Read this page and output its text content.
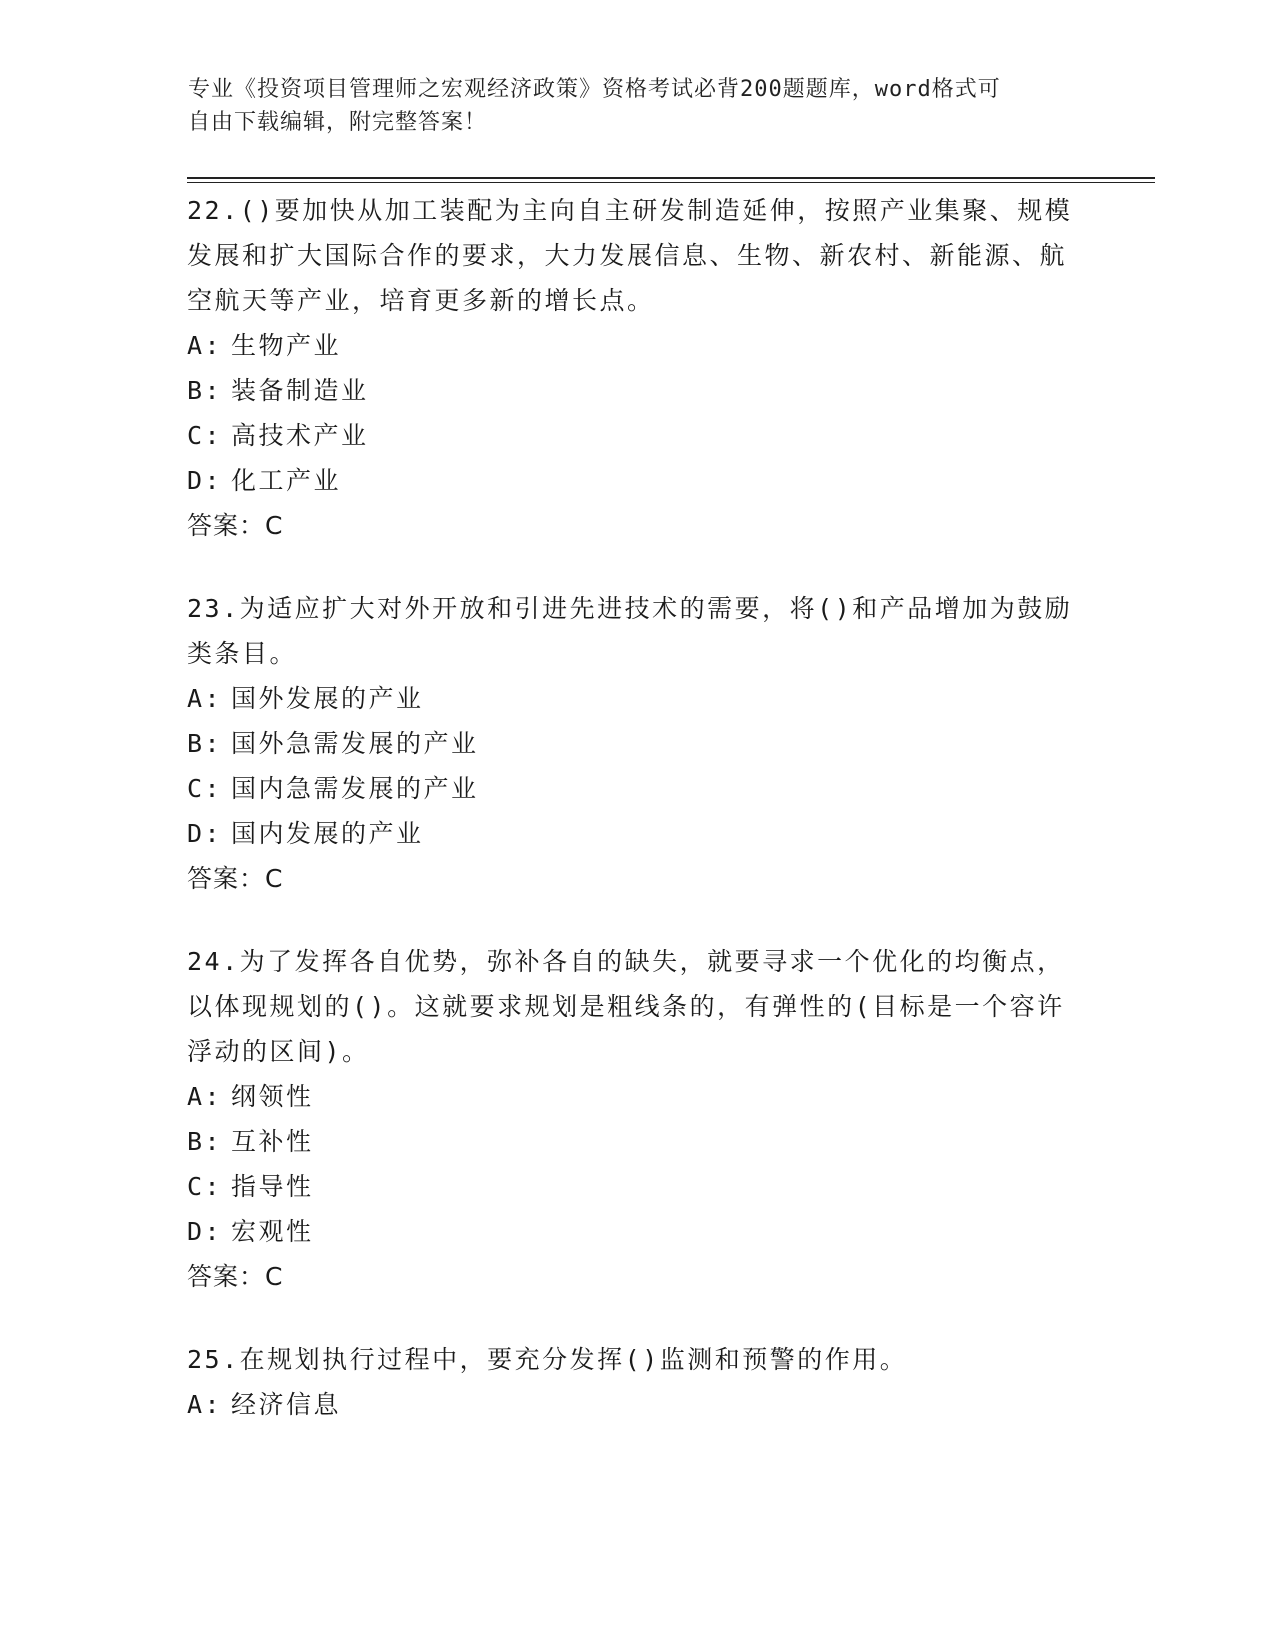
专业《投资项目管理师之宏观经济政策》资格考试必背200题题库，word格式可
自由下载编辑，附完整答案！

22.()要加快从加工装配为主向自主研发制造延伸，按照产业集聚、规模发展和扩大国际合作的要求，大力发展信息、生物、新农村、新能源、航空航天等产业，培育更多新的增长点。

A: 生物产业
B: 装备制造业
C: 高技术产业
D: 化工产业
答案：C

23.为适应扩大对外开放和引进先进技术的需要，将()和产品增加为鼓励类条目。

A: 国外发展的产业
B: 国外急需发展的产业
C: 国内急需发展的产业
D: 国内发展的产业
答案：C

24.为了发挥各自优势，弥补各自的缺失，就要寻求一个优化的均衡点，以体现规划的()。这就要求规划是粗线条的，有弹性的(目标是一个容许浮动的区间)。

A: 纲领性
B: 互补性
C: 指导性
D: 宏观性
答案：C

25.在规划执行过程中，要充分发挥()监测和预警的作用。

A: 经济信息
